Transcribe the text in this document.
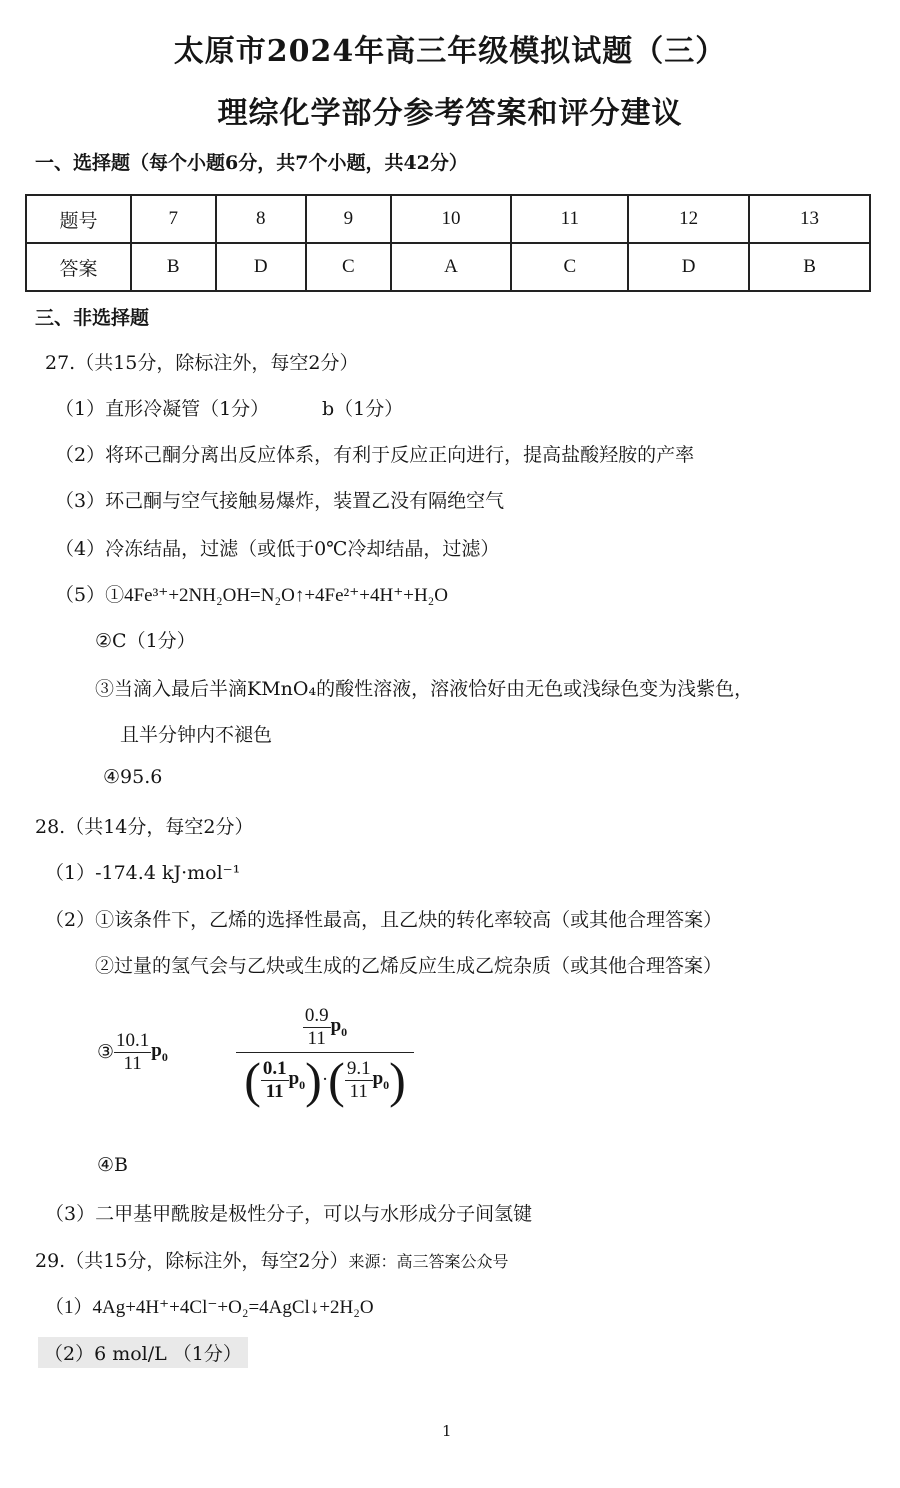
太原市2024年高三年级模拟试题（三）
理综化学部分参考答案和评分建议
一、选择题（每个小题6分，共7个小题，共42分）
题号	7	8	9	10	11	12	13
答案	B	D	C	A	C	D	B
三、非选择题
27.（共15分，除标注外，每空2分）
（1）直形冷凝管（1分）	b（1分）
（2）将环己酮分离出反应体系，有利于反应正向进行，提高盐酸羟胺的产率
（3）环己酮与空气接触易爆炸，装置乙没有隔绝空气
（4）冷冻结晶，过滤（或低于0℃冷却结晶，过滤）
（5）①4Fe³⁺+2NH₂OH=N₂O↑+4Fe²⁺+4H⁺+H₂O
②C（1分）
③当滴入最后半滴KMnO₄的酸性溶液，溶液恰好由无色或浅绿色变为浅紫色，
且半分钟内不褪色
④95.6
28.（共14分，每空2分）
（1）-174.4 kJ·mol⁻¹
（2）①该条件下，乙烯的选择性最高，且乙炔的转化率较高（或其他合理答案）
②过量的氢气会与乙炔或生成的乙烯反应生成乙烷杂质（或其他合理答案）
③ $\frac{10.1}{11} p_0$	$\frac{\frac{0.9}{11} p_0}{( \frac{0.1}{11} p_0)\cdot( \frac{9.1}{11} p_0)}$
④B
（3）二甲基甲酰胺是极性分子，可以与水形成分子间氢键
29.（共15分，除标注外，每空2分）来源：高三答案公众号
（1）4Ag+4H⁺+4Cl⁻+O₂=4AgCl↓+2H₂O
（2）6 mol/L （1分）
1
